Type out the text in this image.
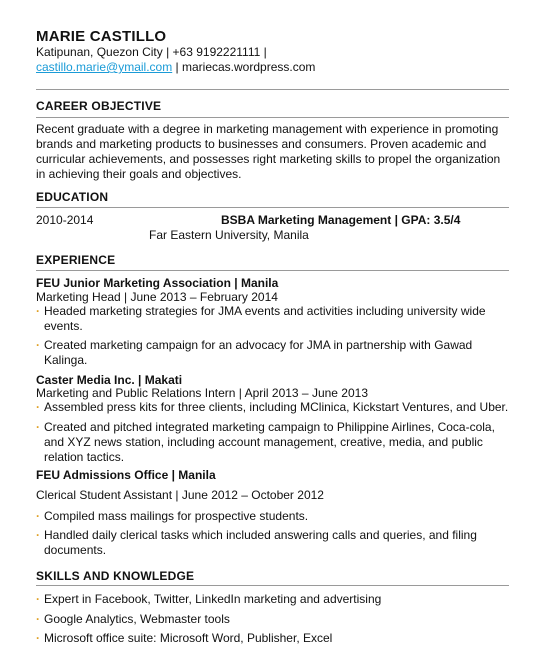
MARIE CASTILLO
Katipunan, Quezon City | +63 9192221111 |
castillo.marie@ymail.com | mariecas.wordpress.com
CAREER OBJECTIVE
Recent graduate with a degree in marketing management with experience in promoting brands and marketing products to businesses and consumers. Proven academic and curricular achievements, and possesses right marketing skills to propel the organization in achieving their goals and objectives.
EDUCATION
2010-2014	BSBA Marketing Management | GPA: 3.5/4
Far Eastern University, Manila
EXPERIENCE
FEU Junior Marketing Association | Manila
Marketing Head | June 2013 – February 2014
· Headed marketing strategies for JMA events and activities including university wide events.
· Created marketing campaign for an advocacy for JMA in partnership with Gawad Kalinga.
Caster Media Inc. | Makati
Marketing and Public Relations Intern | April 2013 – June 2013
· Assembled press kits for three clients, including MClinica, Kickstart Ventures, and Uber.
· Created and pitched integrated marketing campaign to Philippine Airlines, Coca-cola, and XYZ news station, including account management, creative, media, and public relation tactics.
FEU Admissions Office | Manila
Clerical Student Assistant | June 2012 – October 2012
· Compiled mass mailings for prospective students.
· Handled daily clerical tasks which included answering calls and queries, and filing documents.
SKILLS AND KNOWLEDGE
· Expert in Facebook, Twitter, LinkedIn marketing and advertising
· Google Analytics, Webmaster tools
· Microsoft office suite: Microsoft Word, Publisher, Excel
